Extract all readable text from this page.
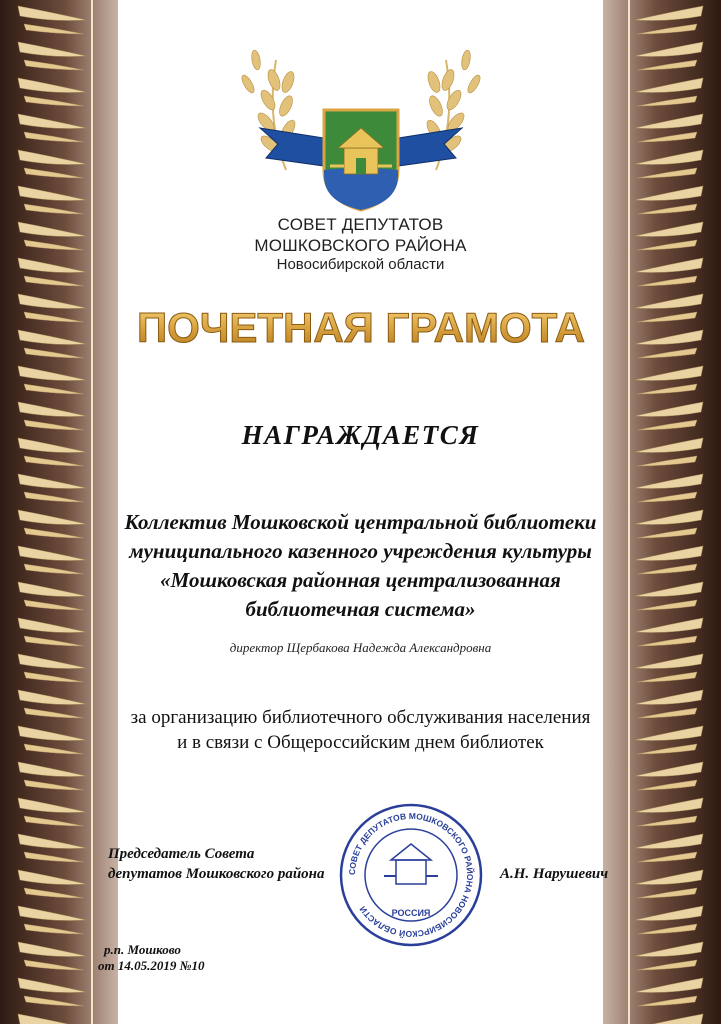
СОВЕТ ДЕПУТАТОВ
МОШКОВСКОГО РАЙОНА
Новосибирской области
ПОЧЕТНАЯ ГРАМОТА
НАГРАЖДАЕТСЯ
Коллектив Мошковской центральной библиотеки
муниципального казенного учреждения культуры
«Мошковская районная централизованная
библиотечная система»
директор Щербакова Надежда Александровна
за организацию библиотечного обслуживания населения
и в связи с Общероссийским днем библиотек
СОВЕТ ДЕПУТАТОВ МОШКОВСКОГО РАЙОНА НОВОСИБИРСКОЙ ОБЛАСТИ	РОССИЯ
Председатель Совета
депутатов Мошковского района	А.Н. Нарушевич
р.п. Мошково
от 14.05.2019 №10
